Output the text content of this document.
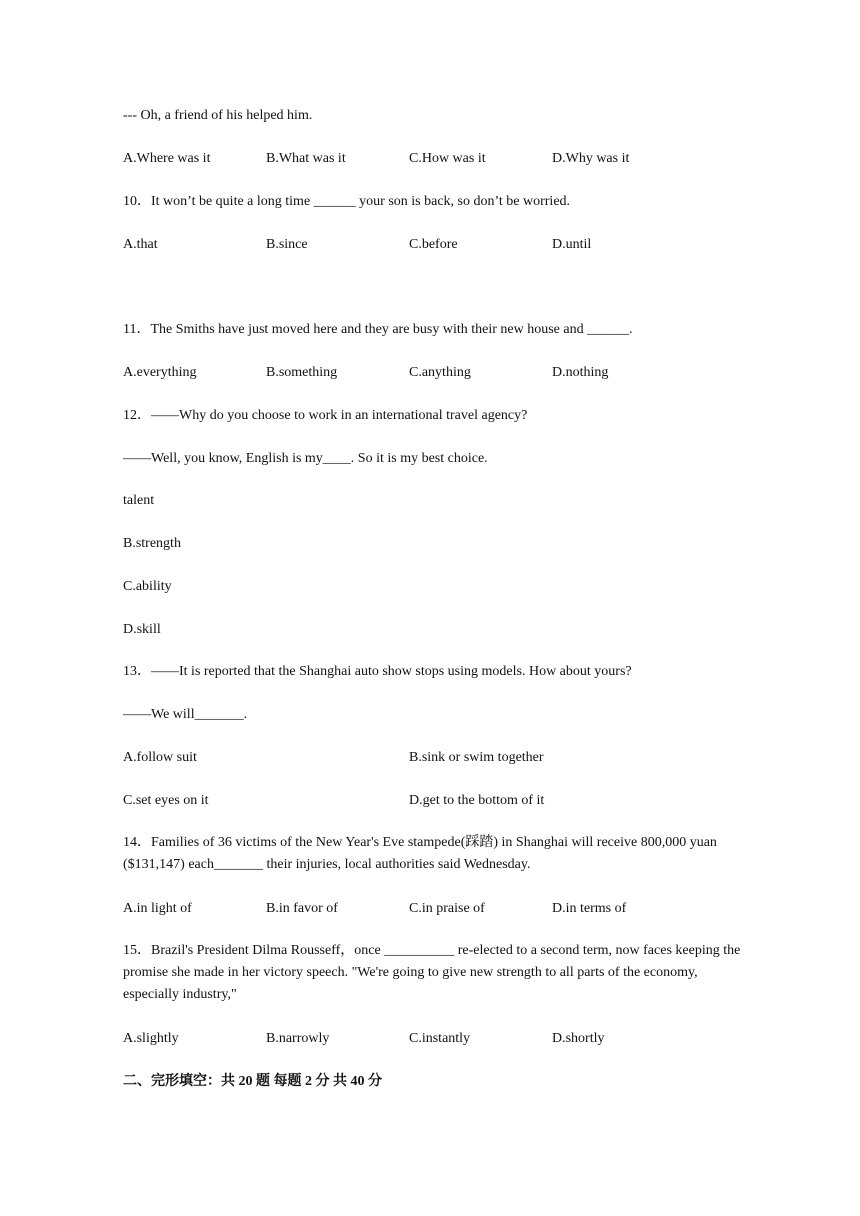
--- Oh, a friend of his helped him.
A.Where was it	B.What was it	C.How was it	D.Why was it
10．It won’t be quite a long time ______ your son is back, so don’t be worried.
A.that	B.since	C.before	D.until
11．The Smiths have just moved here and they are busy with their new house and ______.
A.everything	B.something	C.anything	D.nothing
12．——Why do you choose to work in an international travel agency?
——Well, you know, English is my____. So it is my best choice.
talent
B.strength
C.ability
D.skill
13．——It is reported that the Shanghai auto show stops using models. How about yours?
——We will_______.
A.follow suit	B.sink or swim together
C.set eyes on it	D.get to the bottom of it
14．Families of 36 victims of the New Year's Eve stampede(踩踏) in Shanghai will receive 800,000 yuan ($131,147) each_______ their injuries, local authorities said Wednesday.
A.in light of	B.in favor of	C.in praise of	D.in terms of
15．Brazil's President Dilma Rousseff，once __________ re-elected to a second term, now faces keeping the promise she made in her victory speech. "We're going to give new strength to all parts of the economy, especially industry,"
A.slightly	B.narrowly	C.instantly	D.shortly
二、完形填空：共 20 题 每题 2 分 共 40 分
